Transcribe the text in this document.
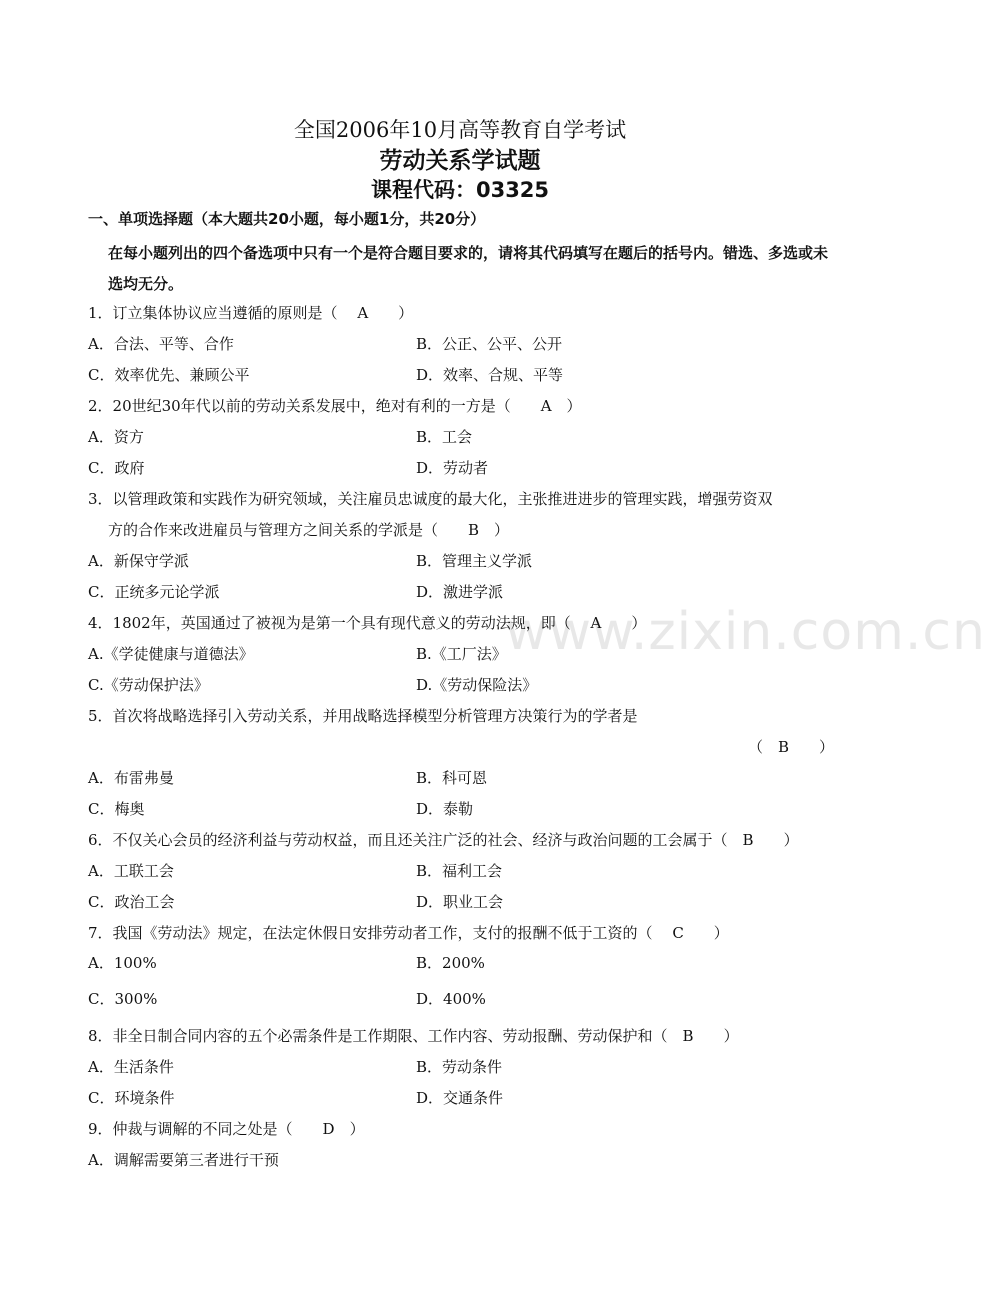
www.zixin.com.cn
全国2006年10月高等教育自学考试
劳动关系学试题
课程代码：03325
一、单项选择题（本大题共20小题，每小题1分，共20分）
在每小题列出的四个备选项中只有一个是符合题目要求的，请将其代码填写在题后的括号内。错选、多选或未选均无分。
1．订立集体协议应当遵循的原则是（　 A　　）
A．合法、平等、合作	B．公正、公平、公开
C．效率优先、兼顾公平	D．效率、合规、平等
2．20世纪30年代以前的劳动关系发展中，绝对有利的一方是（　　A　）
A．资方	B．工会
C．政府	D．劳动者
3．以管理政策和实践作为研究领域，关注雇员忠诚度的最大化，主张推进进步的管理实践，增强劳资双
方的合作来改进雇员与管理方之间关系的学派是（　　B　）
A．新保守学派	B．管理主义学派
C．正统多元论学派	D．激进学派
4．1802年，英国通过了被视为是第一个具有现代意义的劳动法规，即（　 A　　）
A.《学徒健康与道德法》	B.《工厂法》
C.《劳动保护法》	D.《劳动保险法》
5．首次将战略选择引入劳动关系，并用战略选择模型分析管理方决策行为的学者是
（　B　　）
A．布雷弗曼	B．科可恩
C．梅奥	D．泰勒
6．不仅关心会员的经济利益与劳动权益，而且还关注广泛的社会、经济与政治问题的工会属于（　B　　）
A．工联工会	B．福利工会
C．政治工会	D．职业工会
7．我国《劳动法》规定，在法定休假日安排劳动者工作，支付的报酬不低于工资的（　 C　　）
A．100%	B．200%
C．300%	D．400%
8．非全日制合同内容的五个必需条件是工作期限、工作内容、劳动报酬、劳动保护和（　B　　）
A．生活条件	B．劳动条件
C．环境条件	D．交通条件
9．仲裁与调解的不同之处是（　　D　）
A．调解需要第三者进行干预
